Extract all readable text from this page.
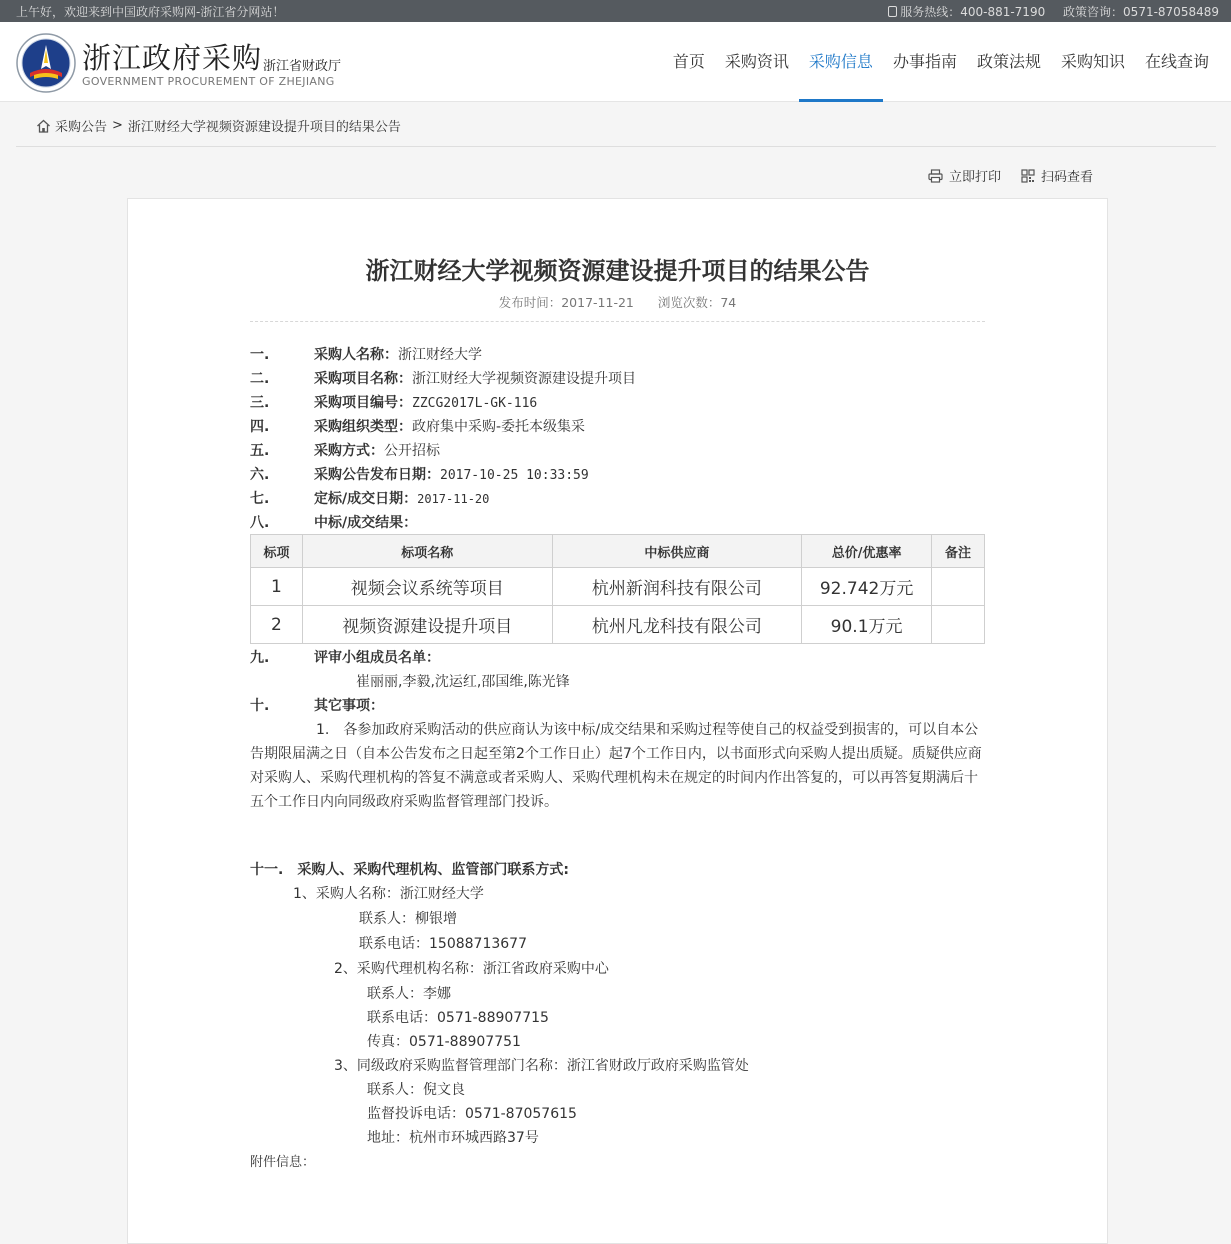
上午好，欢迎来到中国政府采购网-浙江省分网站！	服务热线：400-881-7190 政策咨询：0571-87058489
浙江政府采购 浙江省财政厅
GOVERNMENT PROCUREMENT OF ZHEJIANG
首页	采购资讯	采购信息	办事指南	政策法规	采购知识	在线查询
采购公告 > 浙江财经大学视频资源建设提升项目的结果公告
立即打印	扫码查看
浙江财经大学视频资源建设提升项目的结果公告
发布时间：2017-11-21 浏览次数：74
一.	采购人名称：浙江财经大学
二.	采购项目名称：浙江财经大学视频资源建设提升项目
三.	采购项目编号：ZZCG2017L-GK-116
四.	采购组织类型：政府集中采购-委托本级集采
五.	采购方式：公开招标
六.	采购公告发布日期：2017-10-25 10:33:59
七.	定标/成交日期：2017-11-20
八.	中标/成交结果：
标项	标项名称	中标供应商	总价/优惠率	备注
1	视频会议系统等项目	杭州新润科技有限公司	92.742万元	
2	视频资源建设提升项目	杭州凡龙科技有限公司	90.1万元	
九.	评审小组成员名单：
崔丽丽,李毅,沈运红,邵国维,陈光锋
十.	其它事项：
1.　各参加政府采购活动的供应商认为该中标/成交结果和采购过程等使自己的权益受到损害的，可以自本公告期限届满之日（自本公告发布之日起至第2个工作日止）起7个工作日内，以书面形式向采购人提出质疑。质疑供应商对采购人、采购代理机构的答复不满意或者采购人、采购代理机构未在规定的时间内作出答复的，可以再答复期满后十五个工作日内向同级政府采购监督管理部门投诉。
十一.　采购人、采购代理机构、监管部门联系方式:
1、采购人名称：浙江财经大学
联系人：柳银增
联系电话：15088713677
2、采购代理机构名称：浙江省政府采购中心
联系人：李娜
联系电话：0571-88907715
传真：0571-88907751
3、同级政府采购监督管理部门名称：浙江省财政厅政府采购监管处
联系人：倪文良
监督投诉电话：0571-87057615
地址：杭州市环城西路37号
附件信息：
